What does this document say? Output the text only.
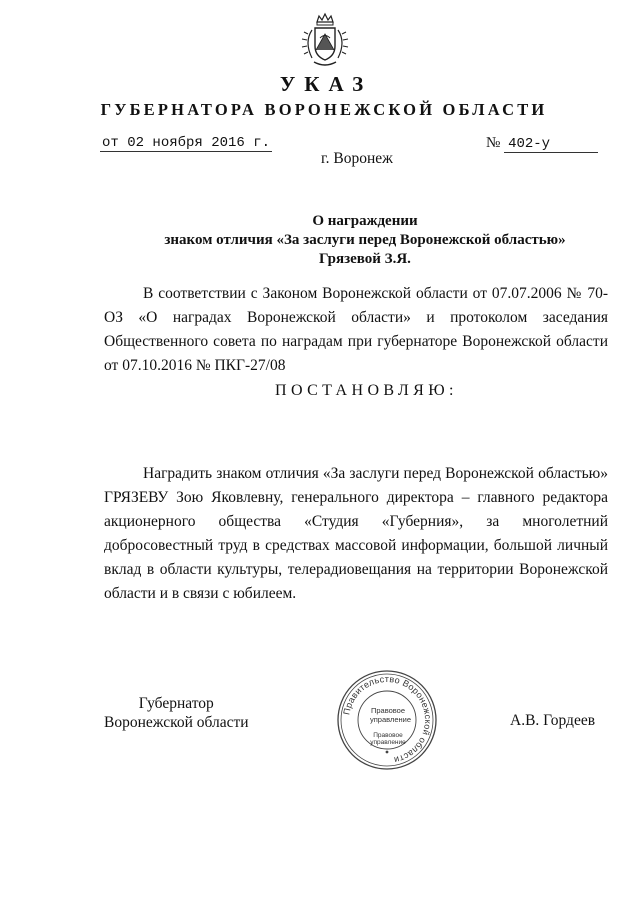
УКАЗ
ГУБЕРНАТОРА ВОРОНЕЖСКОЙ ОБЛАСТИ
от 02 ноября 2016 г.	№ 402-у
г. Воронеж
О награждении
знаком отличия «За заслуги перед Воронежской областью»
Грязевой З.Я.
В соответствии с Законом Воронежской области от 07.07.2006 № 70-ОЗ «О наградах Воронежской области» и протоколом заседания Общественного совета по наградам при губернаторе Воронежской области от 07.10.2016 № ПКГ-27/08
ПОСТАНОВЛЯЮ:
Наградить знаком отличия «За заслуги перед Воронежской областью» ГРЯЗЕВУ Зою Яковлевну, генерального директора – главного редактора акционерного общества «Студия «Губерния», за многолетний добросовестный труд в средствах массовой информации, большой личный вклад в области культуры, телерадиовещания на территории Воронежской области и в связи с юбилеем.
Губернатор
Воронежской области
Правительство Воронежской области
Правовое
управление
Правовое
управление
А.В. Гордеев
